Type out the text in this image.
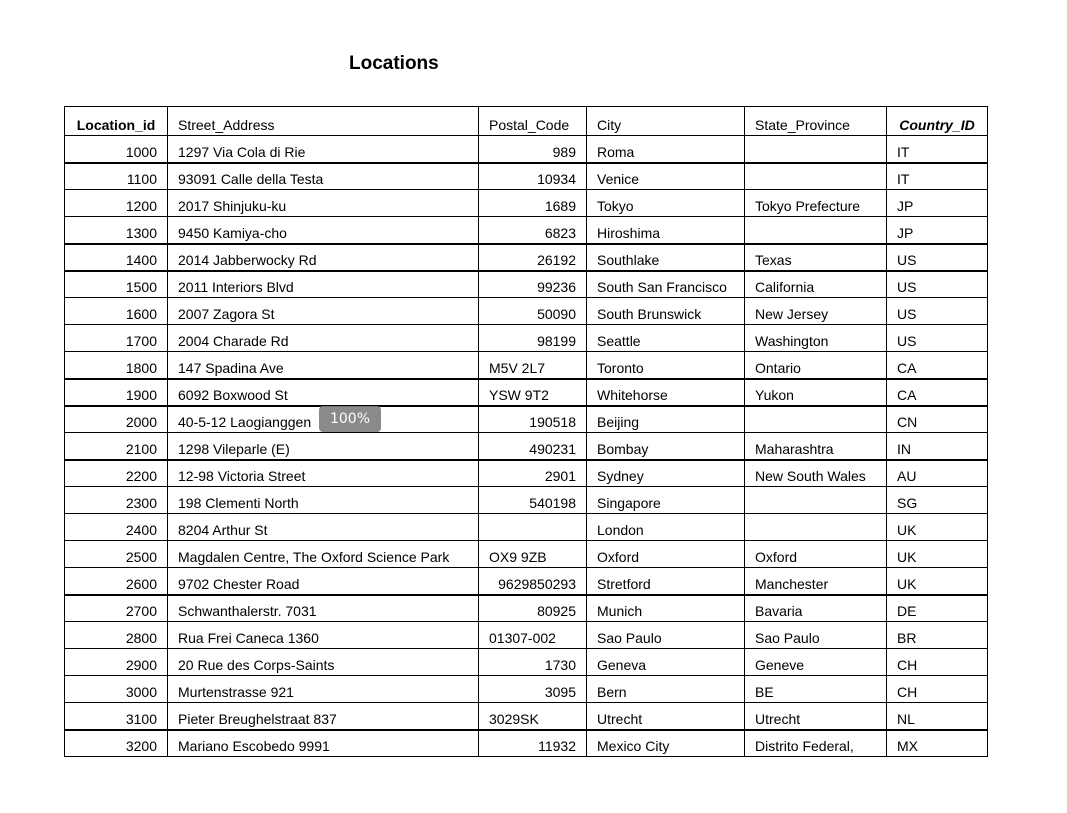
Locations
Location_id	Street_Address	Postal_Code	City	State_Province	Country_ID
1000	1297 Via Cola di Rie	989	Roma		IT
1100	93091 Calle della Testa	10934	Venice		IT
1200	2017 Shinjuku-ku	1689	Tokyo	Tokyo Prefecture	JP
1300	9450 Kamiya-cho	6823	Hiroshima		JP
1400	2014 Jabberwocky Rd	26192	Southlake	Texas	US
1500	2011 Interiors Blvd	99236	South San Francisco	California	US
1600	2007 Zagora St	50090	South Brunswick	New Jersey	US
1700	2004 Charade Rd	98199	Seattle	Washington	US
1800	147 Spadina Ave	M5V 2L7	Toronto	Ontario	CA
1900	6092 Boxwood St	YSW 9T2	Whitehorse	Yukon	CA
2000	40-5-12 Laogianggen	190518	Beijing		CN
2100	1298 Vileparle (E)	490231	Bombay	Maharashtra	IN
2200	12-98 Victoria Street	2901	Sydney	New South Wales	AU
2300	198 Clementi North	540198	Singapore		SG
2400	8204 Arthur St		London		UK
2500	Magdalen Centre, The Oxford Science Park	OX9 9ZB	Oxford	Oxford	UK
2600	9702 Chester Road	9629850293	Stretford	Manchester	UK
2700	Schwanthalerstr. 7031	80925	Munich	Bavaria	DE
2800	Rua Frei Caneca 1360	01307-002	Sao Paulo	Sao Paulo	BR
2900	20 Rue des Corps-Saints	1730	Geneva	Geneve	CH
3000	Murtenstrasse 921	3095	Bern	BE	CH
3100	Pieter Breughelstraat 837	3029SK	Utrecht	Utrecht	NL
3200	Mariano Escobedo 9991	11932	Mexico City	Distrito Federal,	MX
100%
